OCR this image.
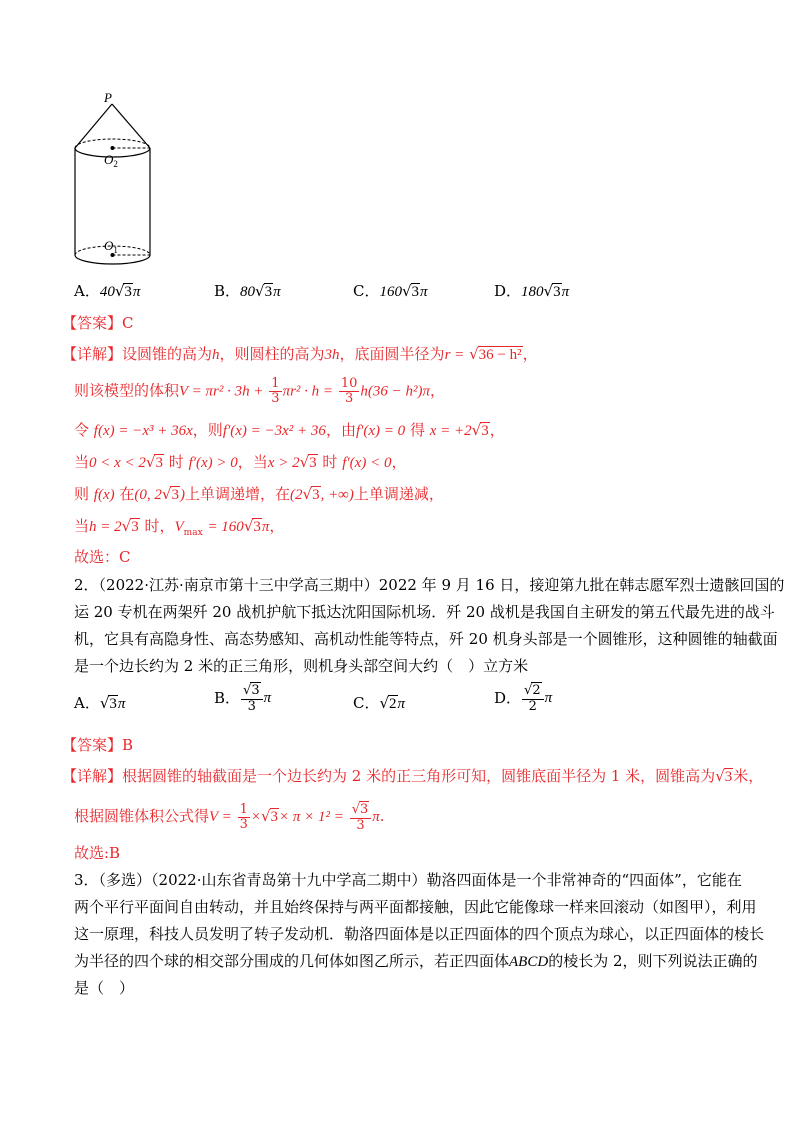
P
$O_2$
$O_1$
A．40√3π	B．80√3π	C．160√3π	D．180√3π
【答案】C
【详解】设圆锥的高为h，则圆柱的高为3h，底面圆半径为r = √36 − h²，
则该模型的体积$V = \pi r^2 \cdot 3h + \frac{1}{3} \pi r^2 \cdot h = \frac{10}{3} h(36 - h^2)\pi$，
令 f(x) = −x³ + 36x，则f′(x) = −3x² + 36，由f′(x) = 0 得 x = +2√3，
当0 < x < 2√3 时 f′(x) > 0，当x > 2√3 时 f′(x) < 0，
则 f(x) 在(0, 2√3)上单调递增，在(2√3, +∞)上单调递减，
当h = 2√3 时，$V_{max} = 160√3\pi$，
故选：C
2．（2022·江苏·南京市第十三中学高三期中）2022 年 9 月 16 日，接迎第九批在韩志愿军烈士遗骸回国的
运 20 专机在两架歼 20 战机护航下抵达沈阳国际机场．歼 20 战机是我国自主研发的第五代最先进的战斗
机，它具有高隐身性、高态势感知、高机动性能等特点，歼 20 机身头部是一个圆锥形，这种圆锥的轴截面
是一个边长约为 2 米的正三角形，则机身头部空间大约（　）立方米
A．√3π	B． $\frac{√3}{3}$ π	C．√2π	D． $\frac{√2}{2}$ π
【答案】B
【详解】根据圆锥的轴截面是一个边长约为 2 米的正三角形可知，圆锥底面半径为 1 米，圆锥高为√3米，
根据圆锥体积公式得$V = \frac{1}{3} \times√3\times \pi \times 1^2 = \frac{√3}{3} \pi$.
故选:B
3．（多选）（2022·山东省青岛第十九中学高二期中）勒洛四面体是一个非常神奇的“四面体”，它能在
两个平行平面间自由转动，并且始终保持与两平面都接触，因此它能像球一样来回滚动（如图甲），利用
这一原理，科技人员发明了转子发动机．勒洛四面体是以正四面体的四个顶点为球心，以正四面体的棱长
为半径的四个球的相交部分围成的几何体如图乙所示，若正四面体ABCD的棱长为 2，则下列说法正确的
是（　）
